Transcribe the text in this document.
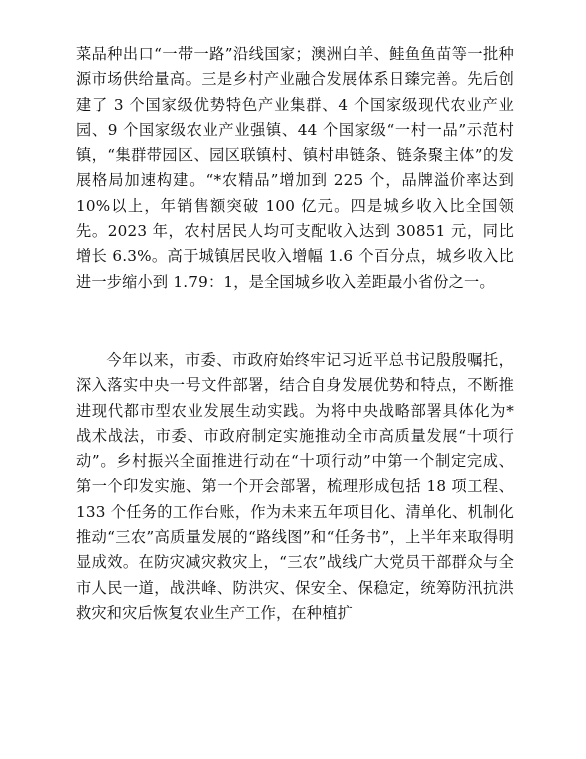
菜品种出口“一带一路”沿线国家；澳洲白羊、鲑鱼鱼苗等一批种源市场供给量高。三是乡村产业融合发展体系日臻完善。先后创建了 3 个国家级优势特色产业集群、4 个国家级现代农业产业园、9 个国家级农业产业强镇、44 个国家级“一村一品”示范村镇，“集群带园区、园区联镇村、镇村串链条、链条聚主体”的发展格局加速构建。“*农精品”增加到 225 个，品牌溢价率达到 10%以上，年销售额突破 100 亿元。四是城乡收入比全国领先。2023 年，农村居民人均可支配收入达到 30851 元，同比增长 6.3%。高于城镇居民收入增幅 1.6 个百分点，城乡收入比进一步缩小到 1.79：1，是全国城乡收入差距最小省份之一。

今年以来，市委、市政府始终牢记习近平总书记殷殷嘱托，深入落实中央一号文件部署，结合自身发展优势和特点，不断推进现代都市型农业发展生动实践。为将中央战略部署具体化为*战术战法，市委、市政府制定实施推动全市高质量发展“十项行动”。乡村振兴全面推进行动在“十项行动”中第一个制定完成、第一个印发实施、第一个开会部署，梳理形成包括 18 项工程、133 个任务的工作台账，作为未来五年项目化、清单化、机制化推动“三农”高质量发展的“路线图”和“任务书”，上半年来取得明显成效。在防灾减灾救灾上，“三农”战线广大党员干部群众与全市人民一道，战洪峰、防洪灾、保安全、保稳定，统筹防汛抗洪救灾和灾后恢复农业生产工作，在种植扩
